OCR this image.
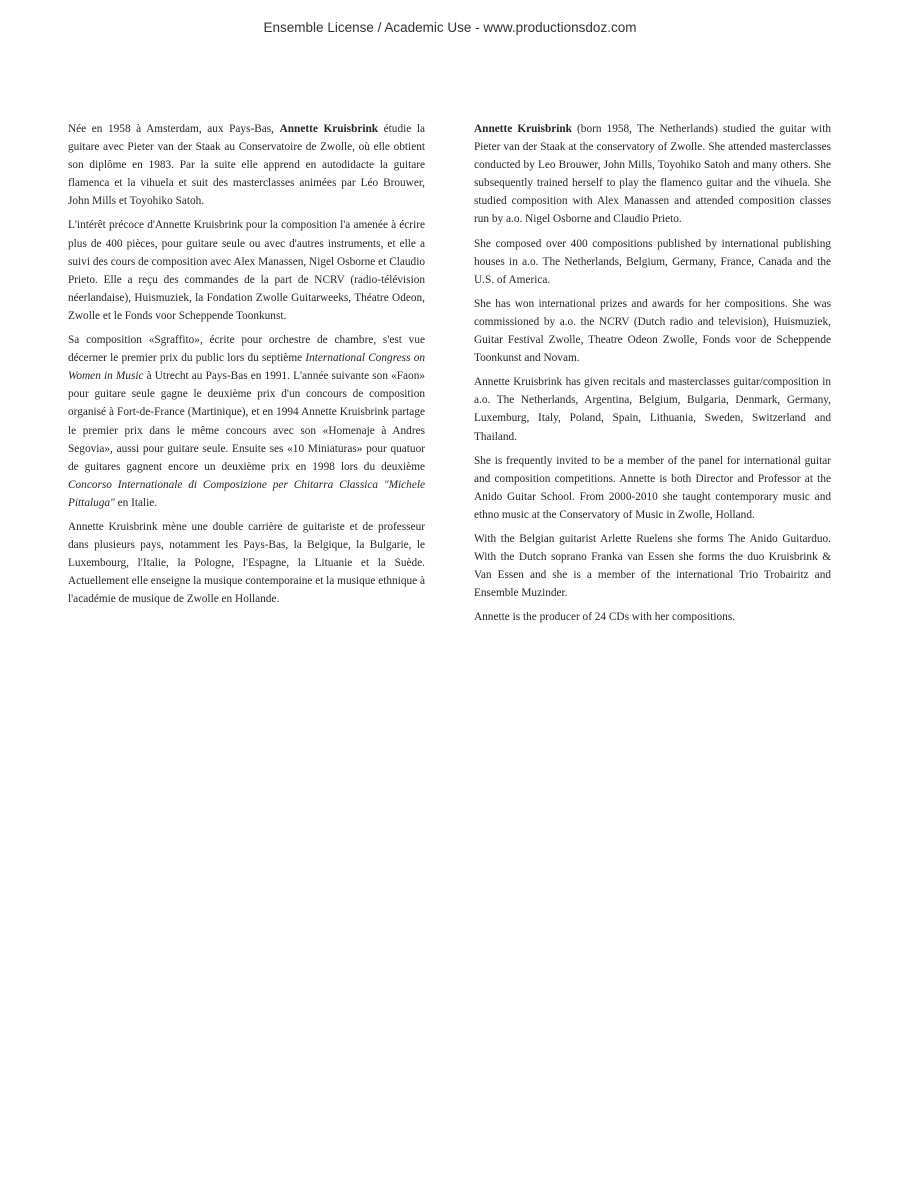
Ensemble License / Academic Use - www.productionsdoz.com

Née en 1958 à Amsterdam, aux Pays-Bas, Annette Kruisbrink étudie la guitare avec Pieter van der Staak au Conservatoire de Zwolle, où elle obtient son diplôme en 1983. Par la suite elle apprend en autodidacte la guitare flamenca et la vihuela et suit des masterclasses animées par Léo Brouwer, John Mills et Toyohiko Satoh.

L'intérêt précoce d'Annette Kruisbrink pour la composition l'a amenée à écrire plus de 400 pièces, pour guitare seule ou avec d'autres instruments, et elle a suivi des cours de composition avec Alex Manassen, Nigel Osborne et Claudio Prieto. Elle a reçu des commandes de la part de NCRV (radio-télévision néerlandaise), Huismuziek, la Fondation Zwolle Guitarweeks, Théatre Odeon, Zwolle et le Fonds voor Scheppende Toonkunst.

Sa composition «Sgraffito», écrite pour orchestre de chambre, s'est vue décerner le premier prix du public lors du septième International Congress on Women in Music à Utrecht au Pays-Bas en 1991. L'année suivante son «Faon» pour guitare seule gagne le deuxième prix d'un concours de composition organisé à Fort-de-France (Martinique), et en 1994 Annette Kruisbrink partage le premier prix dans le même concours avec son «Homenaje à Andres Segovia», aussi pour guitare seule. Ensuite ses «10 Miniaturas» pour quatuor de guitares gagnent encore un deuxième prix en 1998 lors du deuxième Concorso Internationale di Composizione per Chitarra Classica "Michele Pittaluga" en Italie.

Annette Kruisbrink mène une double carrière de guitariste et de professeur dans plusieurs pays, notamment les Pays-Bas, la Belgique, la Bulgarie, le Luxembourg, l'Italie, la Pologne, l'Espagne, la Lituanie et la Suède. Actuellement elle enseigne la musique contemporaine et la musique ethnique à l'académie de musique de Zwolle en Hollande.

Annette Kruisbrink (born 1958, The Netherlands) studied the guitar with Pieter van der Staak at the conservatory of Zwolle. She attended masterclasses conducted by Leo Brouwer, John Mills, Toyohiko Satoh and many others. She subsequently trained herself to play the flamenco guitar and the vihuela. She studied composition with Alex Manassen and attended composition classes run by a.o. Nigel Osborne and Claudio Prieto.

She composed over 400 compositions published by international publishing houses in a.o. The Netherlands, Belgium, Germany, France, Canada and the U.S. of America.

She has won international prizes and awards for her compositions. She was commissioned by a.o. the NCRV (Dutch radio and television), Huismuziek, Guitar Festival Zwolle, Theatre Odeon Zwolle, Fonds voor de Scheppende Toonkunst and Novam.

Annette Kruisbrink has given recitals and masterclasses guitar/composition in a.o. The Netherlands, Argentina, Belgium, Bulgaria, Denmark, Germany, Luxemburg, Italy, Poland, Spain, Lithuania, Sweden, Switzerland and Thailand.

She is frequently invited to be a member of the panel for international guitar and composition competitions. Annette is both Director and Professor at the Anido Guitar School. From 2000-2010 she taught contemporary music and ethno music at the Conservatory of Music in Zwolle, Holland.

With the Belgian guitarist Arlette Ruelens she forms The Anido Guitarduo. With the Dutch soprano Franka van Essen she forms the duo Kruisbrink & Van Essen and she is a member of the international Trio Trobairitz and Ensemble Muzinder.

Annette is the producer of 24 CDs with her compositions.
